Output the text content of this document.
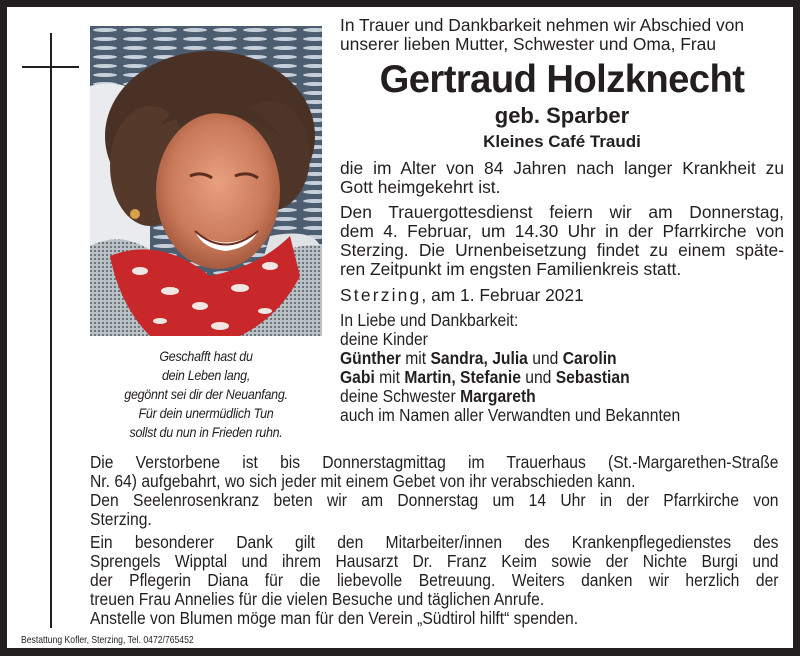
Geschafft hast du
dein Leben lang,
gegönnt sei dir der Neuanfang.
Für dein unermüdlich Tun
sollst du nun in Frieden ruhn.
In Trauer und Dankbarkeit nehmen wir Abschied von
unserer lieben Mutter, Schwester und Oma, Frau
Gertraud Holzknecht
geb. Sparber
Kleines Café Traudi
die im Alter von 84 Jahren nach langer Krankheit zu
Gott heimgekehrt ist.
Den Trauergottesdienst feiern wir am Donnerstag,
dem 4. Februar, um 14.30 Uhr in der Pfarrkirche von
Sterzing. Die Urnenbeisetzung findet zu einem späte-
ren Zeitpunkt im engsten Familienkreis statt.
Sterzing, am 1. Februar 2021
In Liebe und Dankbarkeit:
deine Kinder
Günther mit Sandra, Julia und Carolin
Gabi mit Martin, Stefanie und Sebastian
deine Schwester Margareth
auch im Namen aller Verwandten und Bekannten
Die Verstorbene ist bis Donnerstagmittag im Trauerhaus (St.-Margarethen-Straße
Nr. 64) aufgebahrt, wo sich jeder mit einem Gebet von ihr verabschieden kann.
Den Seelenrosenkranz beten wir am Donnerstag um 14 Uhr in der Pfarrkirche von
Sterzing.
Ein besonderer Dank gilt den Mitarbeiter/innen des Krankenpflegedienstes des
Sprengels Wipptal und ihrem Hausarzt Dr. Franz Keim sowie der Nichte Burgi und
der Pflegerin Diana für die liebevolle Betreuung. Weiters danken wir herzlich der
treuen Frau Annelies für die vielen Besuche und täglichen Anrufe.
Anstelle von Blumen möge man für den Verein „Südtirol hilft“ spenden.
Bestattung Kofler, Sterzing, Tel. 0472/765452
